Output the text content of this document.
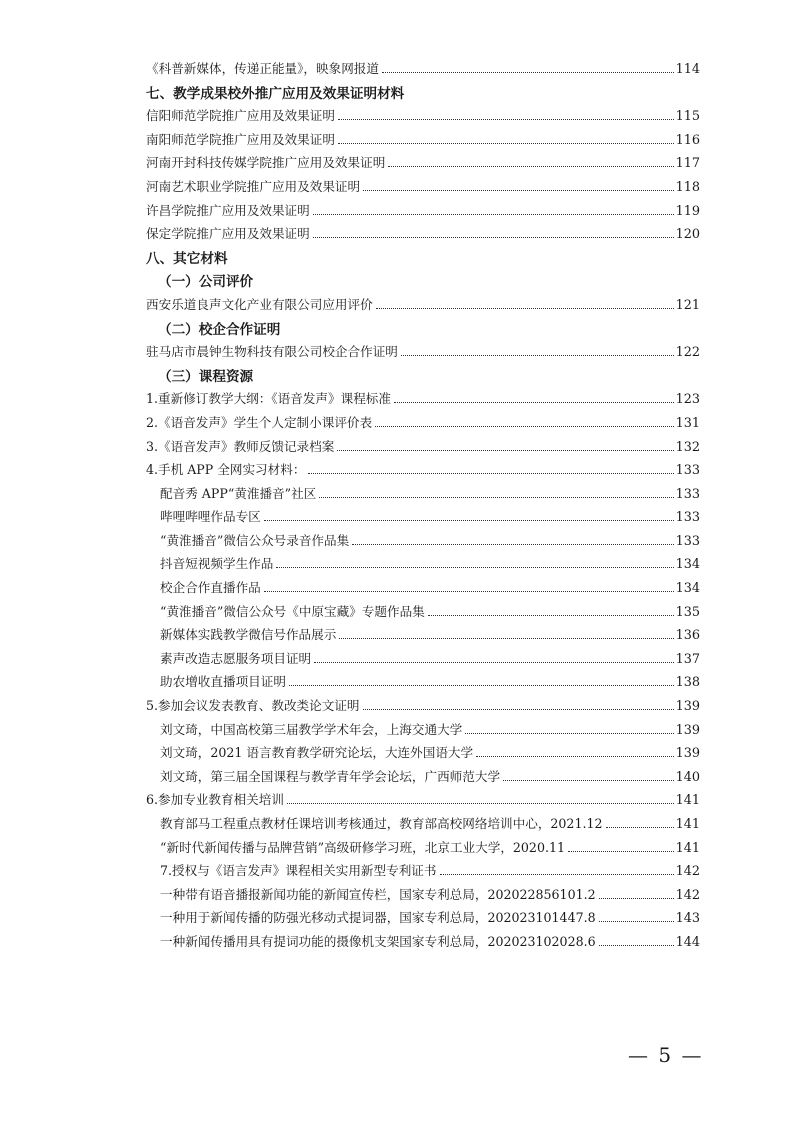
《科普新媒体，传递正能量》，映象网报道	114
七、教学成果校外推广应用及效果证明材料
信阳师范学院推广应用及效果证明	115
南阳师范学院推广应用及效果证明	116
河南开封科技传媒学院推广应用及效果证明	117
河南艺术职业学院推广应用及效果证明	118
许昌学院推广应用及效果证明	119
保定学院推广应用及效果证明	120
八、其它材料
（一）公司评价
西安乐道良声文化产业有限公司应用评价	121
（二）校企合作证明
驻马店市晨钟生物科技有限公司校企合作证明	122
（三）课程资源
1.重新修订教学大纲：《语音发声》课程标准	123
2.《语音发声》学生个人定制小课评价表	131
3.《语音发声》教师反馈记录档案	132
4.手机 APP 全网实习材料：	133
配音秀 APP“黄淮播音”社区	133
哔哩哔哩作品专区	133
“黄淮播音”微信公众号录音作品集	133
抖音短视频学生作品	134
校企合作直播作品	134
“黄淮播音”微信公众号《中原宝藏》专题作品集	135
新媒体实践教学微信号作品展示	136
素声改造志愿服务项目证明	137
助农增收直播项目证明	138
5.参加会议发表教育、教改类论文证明	139
刘文琦，中国高校第三届教学学术年会，上海交通大学	139
刘文琦，2021 语言教育教学研究论坛，大连外国语大学	139
刘文琦，第三届全国课程与教学青年学会论坛，广西师范大学	140
6.参加专业教育相关培训	141
教育部马工程重点教材任课培训考核通过，教育部高校网络培训中心，2021.12	141
“新时代新闻传播与品牌营销”高级研修学习班，北京工业大学，2020.11	141
7.授权与《语言发声》课程相关实用新型专利证书	142
一种带有语音播报新闻功能的新闻宣传栏，国家专利总局，202022856101.2	142
一种用于新闻传播的防强光移动式提词器，国家专利总局，202023101447.8	143
一种新闻传播用具有提词功能的摄像机支架国家专利总局，202023102028.6	144
— 5 —
